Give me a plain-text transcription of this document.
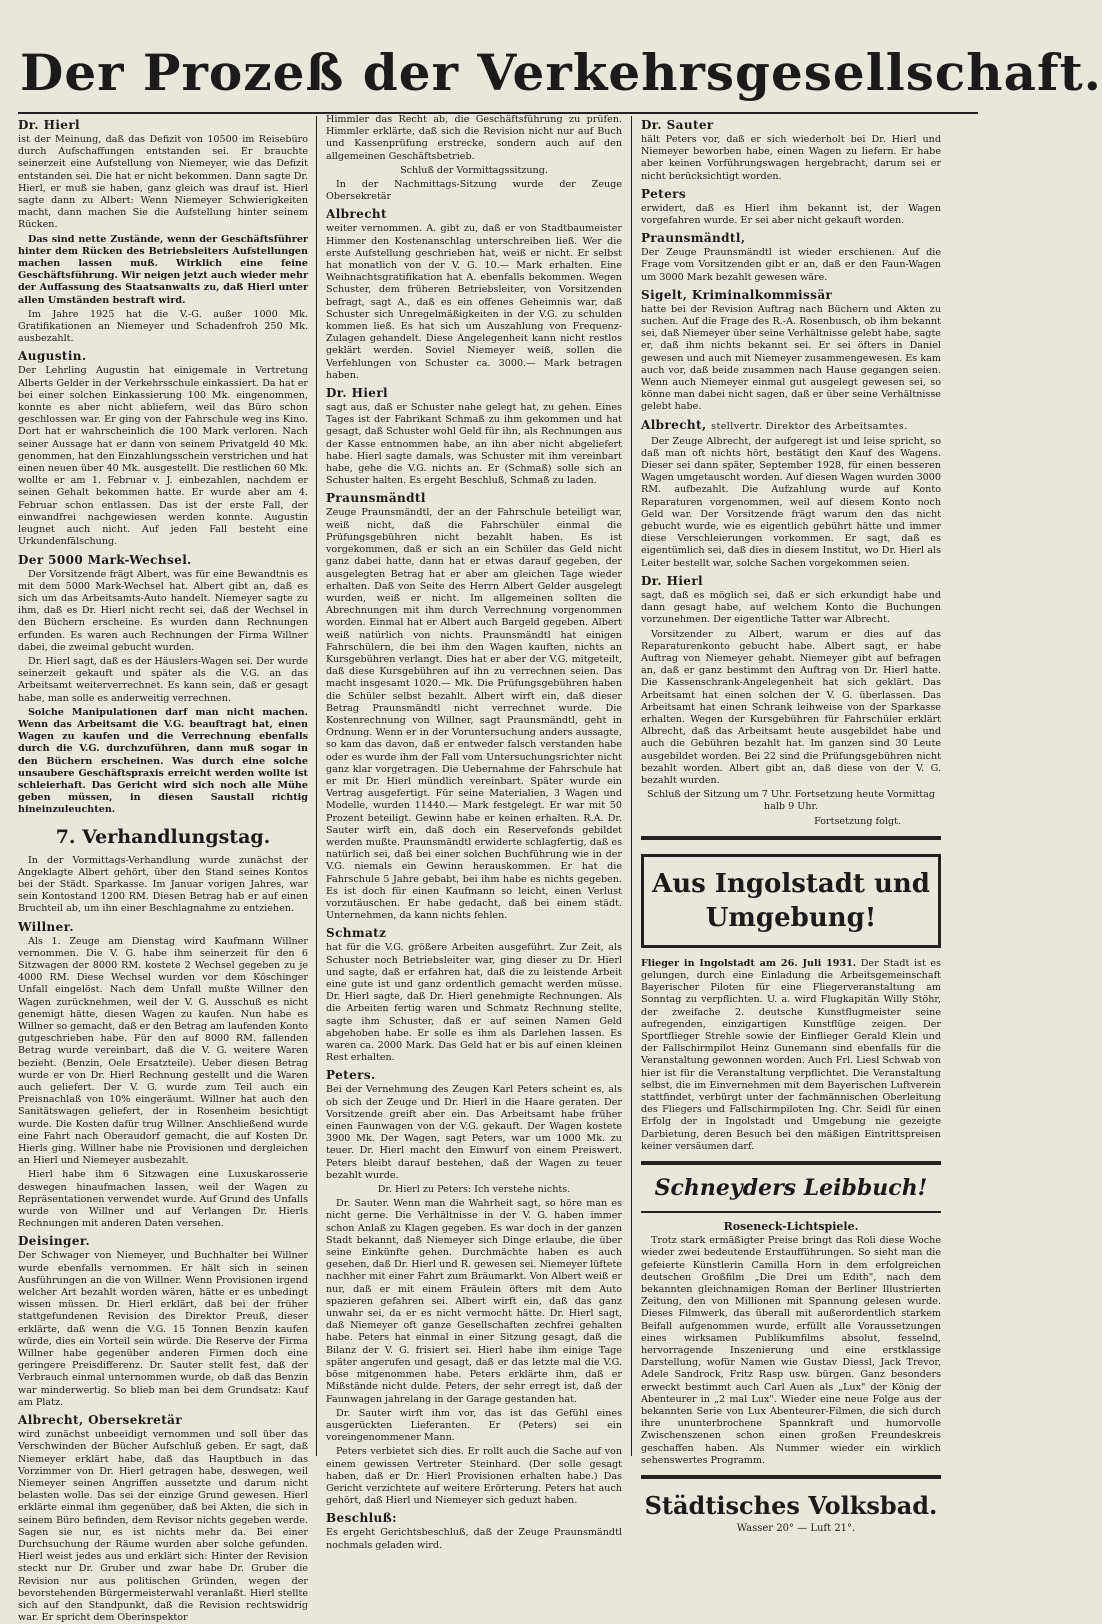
Der Prozeß der Verkehrsgesellschaft.
Dr. Hierl

ist der Meinung, daß das Defizit von 10500 im Reisebüro durch Aufschaffungen entstanden sei. Er brauchte seinerzeit eine Aufstellung von Niemeyer, wie das Defizit entstanden sei. Die hat er nicht bekommen. Dann sagte Dr. Hierl, er muß sie haben, ganz gleich was drauf ist. Hierl sagte dann zu Albert: Wenn Niemeyer Schwierigkeiten macht, dann machen Sie die Aufstellung hinter seinem Rücken.

Das sind nette Zustände, wenn der Geschäftsführer hinter dem Rücken des Betriebsleiters Aufstellungen machen lassen muß. Wirklich eine feine Geschäftsführung. Wir neigen jetzt auch wieder mehr der Auffassung des Staatsanwalts zu, daß Hierl unter allen Umständen bestraft wird.

Im Jahre 1925 hat die V.-G. außer 1000 Mk. Gratifikationen an Niemeyer und Schadenfroh 250 Mk. ausbezahlt.

Augustin.

Der Lehrling Augustin hat einigemale in Vertretung Alberts Gelder in der Verkehrsschule einkassiert. Da hat er bei einer solchen Einkassierung 100 Mk. eingenommen, konnte es aber nicht abliefern, weil das Büro schon geschlossen war. Er ging von der Fahrschule weg ins Kino. Dort hat er wahrscheinlich die 100 Mark verloren. Nach seiner Aussage hat er dann von seinem Privatgeld 40 Mk. genommen, hat den Einzahlungsschein verstrichen und hat einen neuen über 40 Mk. ausgestellt. Die restlichen 60 Mk. wollte er am 1. Februar v. J. einbezahlen, nachdem er seinen Gehalt bekommen hatte. Er wurde aber am 4. Februar schon entlassen. Das ist der erste Fall, der einwandfrei nachgewiesen werden konnte. Augustin leugnet auch nicht. Auf jeden Fall besteht eine Urkundenfälschung.

Der 5000 Mark-Wechsel.

Der Vorsitzende frägt Albert, was für eine Bewandtnis es mit dem 5000 Mark-Wechsel hat. Albert gibt an, daß es sich um das Arbeitsamts-Auto handelt. Niemeyer sagte zu ihm, daß es Dr. Hierl nicht recht sei, daß der Wechsel in den Büchern erscheine. Es wurden dann Rechnungen erfunden. Es waren auch Rechnungen der Firma Willner dabei, die zweimal gebucht wurden.

Dr. Hierl sagt, daß es der Häuslers-Wagen sei. Der wurde seinerzeit gekauft und später als die V.G. an das Arbeitsamt weiterverrechnet. Es kann sein, daß er gesagt habe, man solle es anderweitig verrechnen.

Solche Manipulationen darf man nicht machen. Wenn das Arbeitsamt die V.G. beauftragt hat, einen Wagen zu kaufen und die Verrechnung ebenfalls durch die V.G. durchzuführen, dann muß sogar in den Büchern erscheinen. Was durch eine solche unsaubere Geschäftspraxis erreicht werden wollte ist schleierhaft. Das Gericht wird sich noch alle Mühe geben müssen, in diesen Saustall richtig hineinzuleuchten.

7. Verhandlungstag.

In der Vormittags-Verhandlung wurde zunächst der Angeklagte Albert gehört, über den Stand seines Kontos bei der Städt. Sparkasse. Im Januar vorigen Jahres, war sein Kontostand 1200 RM. Diesen Betrag hab er auf einen Bruchteil ab, um ihn einer Beschlagnahme zu entziehen.

Willner.

Als 1. Zeuge am Dienstag wird Kaufmann Willner vernommen. Die V. G. habe ihm seinerzeit für den 6 Sitzwagen der 8000 RM. kostete 2 Wechsel gegeben zu je 4000 RM. Diese Wechsel wurden vor dem Köschinger Unfall eingelöst. Nach dem Unfall mußte Willner den Wagen zurücknehmen, weil der V. G. Ausschuß es nicht genemigt hätte, diesen Wagen zu kaufen. Nun habe es Willner so gemacht, daß er den Betrag am laufenden Konto gutgeschrieben habe. Für den auf 8000 RM. fallenden Betrag wurde vereinbart, daß die V. G. weitere Waren bezieht. (Benzin, Oele Ersatzteile). Ueber diesen Betrag wurde er von Dr. Hierl Rechnung gestellt und die Waren auch geliefert. Der V. G. wurde zum Teil auch ein Preisnachlaß von 10% eingeräumt. Willner hat auch den Sanitätswagen geliefert, der in Rosenheim besichtigt wurde. Die Kosten dafür trug Willner. Anschließend wurde eine Fahrt nach Oberaudorf gemacht, die auf Kosten Dr. Hierls ging. Willner habe nie Provisionen und dergleichen an Hierl und Niemeyer ausbezahlt.

Hierl habe ihm 6 Sitzwagen eine Luxuskarosserie deswegen hinaufmachen lassen, weil der Wagen zu Repräsentationen verwendet wurde. Auf Grund des Unfalls wurde von Willner und auf Verlangen Dr. Hierls Rechnungen mit anderen Daten versehen.

Deisinger.

Der Schwager von Niemeyer, und Buchhalter bei Willner wurde ebenfalls vernommen. Er hält sich in seinen Ausführungen an die von Willner. Wenn Provisionen irgend welcher Art bezahlt worden wären, hätte er es unbedingt wissen müssen. Dr. Hierl erklärt, daß bei der früher stattgefundenen Revision des Direktor Preuß, dieser erklärte, daß wenn die V.G. 15 Tonnen Benzin kaufen würde, dies ein Vorteil sein würde. Die Reserve der Firma Willner habe gegenüber anderen Firmen doch eine geringere Preisdifferenz. Dr. Sauter stellt fest, daß der Verbrauch einmal unternommen wurde, ob daß das Benzin war minderwertig. So blieb man bei dem Grundsatz: Kauf am Platz.

Albrecht, Obersekretär

wird zunächst unbeeidigt vernommen und soll über das Verschwinden der Bücher Aufschluß geben. Er sagt, daß Niemeyer erklärt habe, daß das Hauptbuch in das Vorzimmer von Dr. Hierl getragen habe, deswegen, weil Niemeyer seinen Angriffen aussetzte und darum nicht belasten wolle. Das sei der einzige Grund gewesen. Hierl erklärte einmal ihm gegenüber, daß bei Akten, die sich in seinem Büro befinden, dem Revisor nichts gegeben werde. Sagen sie nur, es ist nichts mehr da. Bei einer Durchsuchung der Räume wurden aber solche gefunden. Hierl weist jedes aus und erklärt sich: Hinter der Revision steckt nur Dr. Gruber und zwar habe Dr. Gruber die Revision nur aus politischen Gründen, wegen der bevorstehenden Bürgermeisterwahl veranlaßt. Hierl stellte sich auf den Standpunkt, daß die Revision rechtswidrig war. Er spricht dem Oberinspektor

Himmler das Recht ab, die Geschäftsführung zu prüfen. Himmler erklärte, daß sich die Revision nicht nur auf Buch und Kassenprüfung erstrecke, sondern auch auf den allgemeinen Geschäftsbetrieb.

Schluß der Vormittagssitzung.

In der Nachmittags-Sitzung wurde der Zeuge Obersekretär

Albrecht

weiter vernommen. A. gibt zu, daß er von Stadtbaumeister Himmer den Kostenanschlag unterschreiben ließ. Wer die erste Aufstellung geschrieben hat, weiß er nicht. Er selbst hat monatlich von der V. G. 10.— Mark erhalten. Eine Weihnachtsgratifikation hat A. ebenfalls bekommen. Wegen Schuster, dem früheren Betriebsleiter, von Vorsitzenden befragt, sagt A., daß es ein offenes Geheimnis war, daß Schuster sich Unregelmäßigkeiten in der V.G. zu schulden kommen ließ. Es hat sich um Auszahlung von Frequenz-Zulagen gehandelt. Diese Angelegenheit kann nicht restlos geklärt werden. Soviel Niemeyer weiß, sollen die Verfehlungen von Schuster ca. 3000.— Mark betragen haben.

Dr. Hierl

sagt aus, daß er Schuster nahe gelegt hat, zu gehen. Eines Tages ist der Fabrikant Schmaß zu ihm gekommen und hat gesagt, daß Schuster wohl Geld für ihn, als Rechnungen aus der Kasse entnommen habe, an ihn aber nicht abgeliefert habe. Hierl sagte damals, was Schuster mit ihm vereinbart habe, gehe die V.G. nichts an. Er (Schmaß) solle sich an Schuster halten. Es ergeht Beschluß, Schmaß zu laden.

Praunsmändtl

Zeuge Praunsmändtl, der an der Fahrschule beteiligt war, weiß nicht, daß die Fahrschüler einmal die Prüfungsgebühren nicht bezahlt haben. Es ist vorgekommen, daß er sich an ein Schüler das Geld nicht ganz dabei hatte, dann hat er etwas darauf gegeben, der ausgelegten Betrag hat er aber am gleichen Tage wieder erhalten. Daß von Seite des Herrn Albert Gelder ausgelegt wurden, weiß er nicht. Im allgemeinen sollten die Abrechnungen mit ihm durch Verrechnung vorgenommen worden. Einmal hat er Albert auch Bargeld gegeben. Albert weiß natürlich von nichts. Praunsmändtl hat einigen Fahrschülern, die bei ihm den Wagen kauften, nichts an Kursgebühren verlangt. Dies hat er aber der V.G. mitgeteilt, daß diese Kursgebühren auf ihn zu verrechnen seien. Das macht insgesamt 1020.— Mk. Die Prüfungsgebühren haben die Schüler selbst bezahlt. Albert wirft ein, daß dieser Betrag Praunsmändtl nicht verrechnet wurde. Die Kostenrechnung von Willner, sagt Praunsmändtl, geht in Ordnung. Wenn er in der Voruntersuchung anders aussagte, so kam das davon, daß er entweder falsch verstanden habe oder es wurde ihm der Fall vom Untersuchungsrichter nicht ganz klar vorgetragen. Die Uebernahme der Fahrschule hat er mit Dr. Hierl mündlich vereinbart. Später wurde ein Vertrag ausgefertigt. Für seine Materialien, 3 Wagen und Modelle, wurden 11440.— Mark festgelegt. Er war mit 50 Prozent beteiligt. Gewinn habe er keinen erhalten. R.A. Dr. Sauter wirft ein, daß doch ein Reservefonds gebildet werden mußte. Praunsmändtl erwiderte schlagfertig, daß es natürlich sei, daß bei einer solchen Buchführung wie in der V.G. niemals ein Gewinn herauskommen. Er hat die Fahrschule 5 Jahre gebabt, bei ihm habe es nichts gegeben. Es ist doch für einen Kaufmann so leicht, einen Verlust vorzutäuschen. Er habe gedacht, daß bei einem städt. Unternehmen, da kann nichts fehlen.

Schmatz

hat für die V.G. größere Arbeiten ausgeführt. Zur Zeit, als Schuster noch Betriebsleiter war, ging dieser zu Dr. Hierl und sagte, daß er erfahren hat, daß die zu leistende Arbeit eine gute ist und ganz ordentlich gemacht werden müsse. Dr. Hierl sagte, daß Dr. Hierl genehmigte Rechnungen. Als die Arbeiten fertig waren und Schmatz Rechnung stellte, sagte ihm Schuster, daß er auf seinen Namen Geld abgehoben habe. Er solle es ihm als Darlehen lassen. Es waren ca. 2000 Mark. Das Geld hat er bis auf einen kleinen Rest erhalten.

Peters.

Bei der Vernehmung des Zeugen Karl Peters scheint es, als ob sich der Zeuge und Dr. Hierl in die Haare geraten. Der Vorsitzende greift aber ein. Das Arbeitsamt habe früher einen Faunwagen von der V.G. gekauft. Der Wagen kostete 3900 Mk. Der Wagen, sagt Peters, war um 1000 Mk. zu teuer. Dr. Hierl macht den Einwurf von einem Preiswert. Peters bleibt darauf bestehen, daß der Wagen zu teuer bezahlt wurde.

Dr. Hierl zu Peters: Ich verstehe nichts.

Dr. Sauter. Wenn man die Wahrheit sagt, so höre man es nicht gerne. Die Verhältnisse in der V. G. haben immer schon Anlaß zu Klagen gegeben. Es war doch in der ganzen Stadt bekannt, daß Niemeyer sich Dinge erlaube, die über seine Einkünfte gehen. Durchmächte haben es auch gesehen, daß Dr. Hierl und R. gewesen sei. Niemeyer lüftete nachher mit einer Fahrt zum Bräumarkt. Von Albert weiß er nur, daß er mit einem Fräulein öfters mit dem Auto spazieren gefahren sei. Albert wirft ein, daß das ganz unwahr sei, da er es nicht vermocht hätte. Dr. Hierl sagt, daß Niemeyer oft ganze Gesellschaften zechfrei gehalten habe. Peters hat einmal in einer Sitzung gesagt, daß die Bilanz der V. G. frisiert sei. Hierl habe ihm einige Tage später angerufen und gesagt, daß er das letzte mal die V.G. böse mitgenommen habe. Peters erklärte ihm, daß er Mißstände nicht dulde. Peters, der sehr erregt ist, daß der Faunwagen jahrelang in der Garage gestanden hat.

Dr. Sauter wirft ihm vor, das ist das Gefühl eines ausgerückten Lieferanten. Er (Peters) sei ein voreingenommener Mann.

Peters verbietet sich dies. Er rollt auch die Sache auf von einem gewissen Vertreter Steinhard. (Der solle gesagt haben, daß er Dr. Hierl Provisionen erhalten habe.) Das Gericht verzichtete auf weitere Erörterung. Peters hat auch gehört, daß Hierl und Niemeyer sich geduzt haben.

Beschluß:

Es ergeht Gerichtsbeschluß, daß der Zeuge Praunsmändtl nochmals geladen wird.

Dr. Sauter

hält Peters vor, daß er sich wiederholt bei Dr. Hierl und Niemeyer beworben habe, einen Wagen zu liefern. Er habe aber keinen Vorführungswagen hergebracht, darum sei er nicht berücksichtigt worden.

Peters

erwidert, daß es Hierl ihm bekannt ist, der Wagen vorgefahren wurde. Er sei aber nicht gekauft worden.

Praunsmändtl,

Der Zeuge Praunsmändtl ist wieder erschienen. Auf die Frage vom Vorsitzenden gibt er an, daß er den Faun-Wagen um 3000 Mark bezahlt gewesen wäre.

Sigelt, Kriminalkommissär

hatte bei der Revision Auftrag nach Büchern und Akten zu suchen. Auf die Frage des R.-A. Rosenbusch, ob ihm bekannt sei, daß Niemeyer über seine Verhältnisse gelebt habe, sagte er, daß ihm nichts bekannt sei. Er sei öfters in Daniel gewesen und auch mit Niemeyer zusammengewesen. Es kam auch vor, daß beide zusammen nach Hause gegangen seien. Wenn auch Niemeyer einmal gut ausgelegt gewesen sei, so könne man dabei nicht sagen, daß er über seine Verhältnisse gelebt habe.

Albrecht, stellvertr. Direktor des Arbeitsamtes.

Der Zeuge Albrecht, der aufgeregt ist und leise spricht, so daß man oft nichts hört, bestätigt den Kauf des Wagens. Dieser sei dann später, September 1928, für einen besseren Wagen umgetauscht worden. Auf diesen Wagen wurden 3000 RM. aufbezahlt. Die Aufzahlung wurde auf Konto Reparaturen vorgenommen, weil auf diesem Konto noch Geld war. Der Vorsitzende frägt warum den das nicht gebucht wurde, wie es eigentlich gebührt hätte und immer diese Verschleierungen vorkommen. Er sagt, daß es eigentümlich sei, daß dies in diesem Institut, wo Dr. Hierl als Leiter bestellt war, solche Sachen vorgekommen seien.

Dr. Hierl

sagt, daß es möglich sei, daß er sich erkundigt habe und dann gesagt habe, auf welchem Konto die Buchungen vorzunehmen. Der eigentliche Tatter war Albrecht.

Vorsitzender zu Albert, warum er dies auf das Reparaturenkonto gebucht habe. Albert sagt, er habe Auftrag von Niemeyer gehabt. Niemeyer gibt auf befragen an, daß er ganz bestimmt den Auftrag von Dr. Hierl hatte. Die Kassenschrank-Angelegenheit hat sich geklärt. Das Arbeitsamt hat einen solchen der V. G. überlassen. Das Arbeitsamt hat einen Schrank leihweise von der Sparkasse erhalten. Wegen der Kursgebühren für Fahrschüler erklärt Albrecht, daß das Arbeitsamt heute ausgebildet habe und auch die Gebühren bezahlt hat. Im ganzen sind 30 Leute ausgebildet worden. Bei 22 sind die Prüfungsgebühren nicht bezahlt worden. Albert gibt an, daß diese von der V. G. bezahlt wurden.

Schluß der Sitzung um 7 Uhr. Fortsetzung heute Vormittag halb 9 Uhr.

Fortsetzung folgt.

Aus Ingolstadt und Umgebung!

Flieger in Ingolstadt am 26. Juli 1931. Der Stadt ist es gelungen, durch eine Einladung die Arbeitsgemeinschaft Bayerischer Piloten für eine Fliegerveranstaltung am Sonntag zu verpflichten. U. a. wird Flugkapitän Willy Stöhr, der zweifache 2. deutsche Kunstflugmeister seine aufregenden, einzigartigen Kunstflüge zeigen. Der Sportflieger Strehle sowie der Einflieger Gerald Klein und der Fallschirmpilot Heinz Gunemann sind ebenfalls für die Veranstaltung gewonnen worden. Auch Frl. Liesl Schwab von hier ist für die Veranstaltung verpflichtet. Die Veranstaltung selbst, die im Einvernehmen mit dem Bayerischen Luftverein stattfindet, verbürgt unter der fachmännischen Oberleitung des Fliegers und Fallschirmpiloten Ing. Chr. Seidl für einen Erfolg der in Ingolstadt und Umgebung nie gezeigte Darbietung, deren Besuch bei den mäßigen Eintrittspreisen keiner versäumen darf.

Schneyders Leibbuch!

Roseneck-Lichtspiele.

Trotz stark ermäßigter Preise bringt das Roli diese Woche wieder zwei bedeutende Erstaufführungen. So sieht man die gefeierte Künstlerin Camilla Horn in dem erfolgreichen deutschen Großfilm „Die Drei um Edith", nach dem bekannten gleichnamigen Roman der Berliner Illustrierten Zeitung, den von Millionen mit Spannung gelesen wurde. Dieses Filmwerk, das überall mit außerordentlich starkem Beifall aufgenommen wurde, erfüllt alle Voraussetzungen eines wirksamen Publikumfilms absolut, fesselnd, hervorragende Inszenierung und eine erstklassige Darstellung, wofür Namen wie Gustav Diessl, Jack Trevor, Adele Sandrock, Fritz Rasp usw. bürgen. Ganz besonders erweckt bestimmt auch Carl Auen als „Lux" der König der Abenteurer in „2 mal Lux". Wieder eine neue Folge aus der bekannten Serie von Lux Abenteurer-Filmen, die sich durch ihre ununterbrochene Spannkraft und humorvolle Zwischenszenen schon einen großen Freundeskreis geschaffen haben. Als Nummer wieder ein wirklich sehenswertes Programm.

Städtisches Volksbad.

Wasser 20° — Luft 21°.
